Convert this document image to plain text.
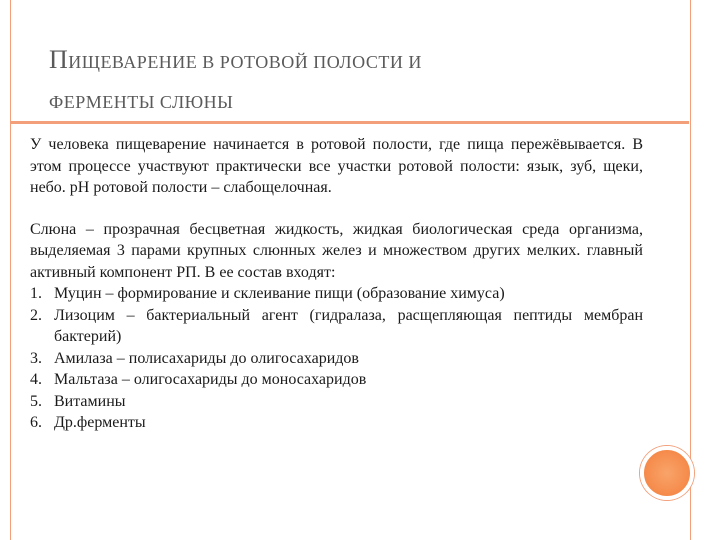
ПИЩЕВАРЕНИЕ В РОТОВОЙ ПОЛОСТИ И
ФЕРМЕНТЫ СЛЮНЫ

У человека пищеварение начинается в ротовой полости, где пища пережёвывается. В этом процессе участвуют практически все участки ротовой полости: язык, зуб, щеки, небо. рН ротовой полости – слабощелочная.

Слюна – прозрачная бесцветная жидкость, жидкая биологическая среда организма, выделяемая 3 парами крупных слюнных желез и множеством других мелких. главный активный компонент РП. В ее состав входят:

1. Муцин – формирование и склеивание пищи (образование химуса)
2. Лизоцим – бактериальный агент (гидралаза, расщепляющая пептиды мембран бактерий)
3. Амилаза – полисахариды до олигосахаридов
4. Мальтаза – олигосахариды до моносахаридов
5. Витамины
6. Др.ферменты
